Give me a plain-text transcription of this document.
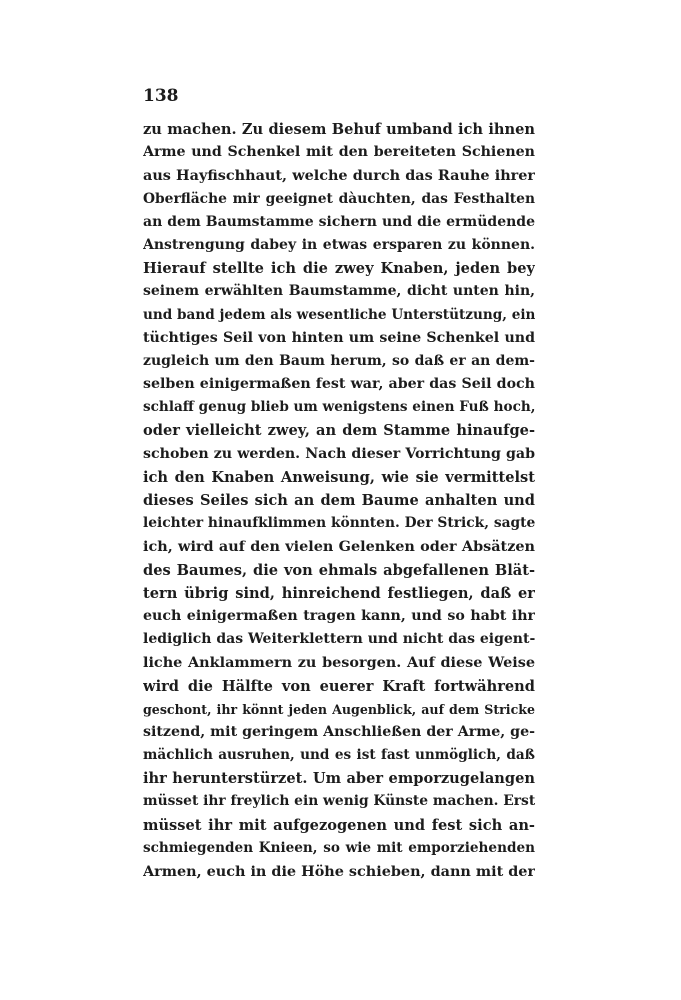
138
zu machen. Zu diesem Behuf umband ich ihnen
Arme und Schenkel mit den bereiteten Schienen
aus Hayfischhaut, welche durch das Rauhe ihrer
Oberfläche mir geeignet dàuchten, das Festhalten
an dem Baumstamme sichern und die ermüdende
Anstrengung dabey in etwas ersparen zu können.
Hierauf stellte ich die zwey Knaben, jeden bey
seinem erwählten Baumstamme, dicht unten hin,
und band jedem als wesentliche Unterstützung, ein
tüchtiges Seil von hinten um seine Schenkel und
zugleich um den Baum herum, so daß er an dem-
selben einigermaßen fest war, aber das Seil doch
schlaff genug blieb um wenigstens einen Fuß hoch,
oder vielleicht zwey, an dem Stamme hinaufge-
schoben zu werden. Nach dieser Vorrichtung gab
ich den Knaben Anweisung, wie sie vermittelst
dieses Seiles sich an dem Baume anhalten und
leichter hinaufklimmen könnten. Der Strick, sagte
ich, wird auf den vielen Gelenken oder Absätzen
des Baumes, die von ehmals abgefallenen Blät-
tern übrig sind, hinreichend festliegen, daß er
euch einigermaßen tragen kann, und so habt ihr
lediglich das Weiterklettern und nicht das eigent-
liche Anklammern zu besorgen. Auf diese Weise
wird die Hälfte von euerer Kraft fortwährend
geschont, ihr könnt jeden Augenblick, auf dem Stricke
sitzend, mit geringem Anschließen der Arme, ge-
mächlich ausruhen, und es ist fast unmöglich, daß
ihr herunterstürzet. Um aber emporzugelangen
müsset ihr freylich ein wenig Künste machen. Erst
müsset ihr mit aufgezogenen und fest sich an-
schmiegenden Knieen, so wie mit emporziehenden
Armen, euch in die Höhe schieben, dann mit der
